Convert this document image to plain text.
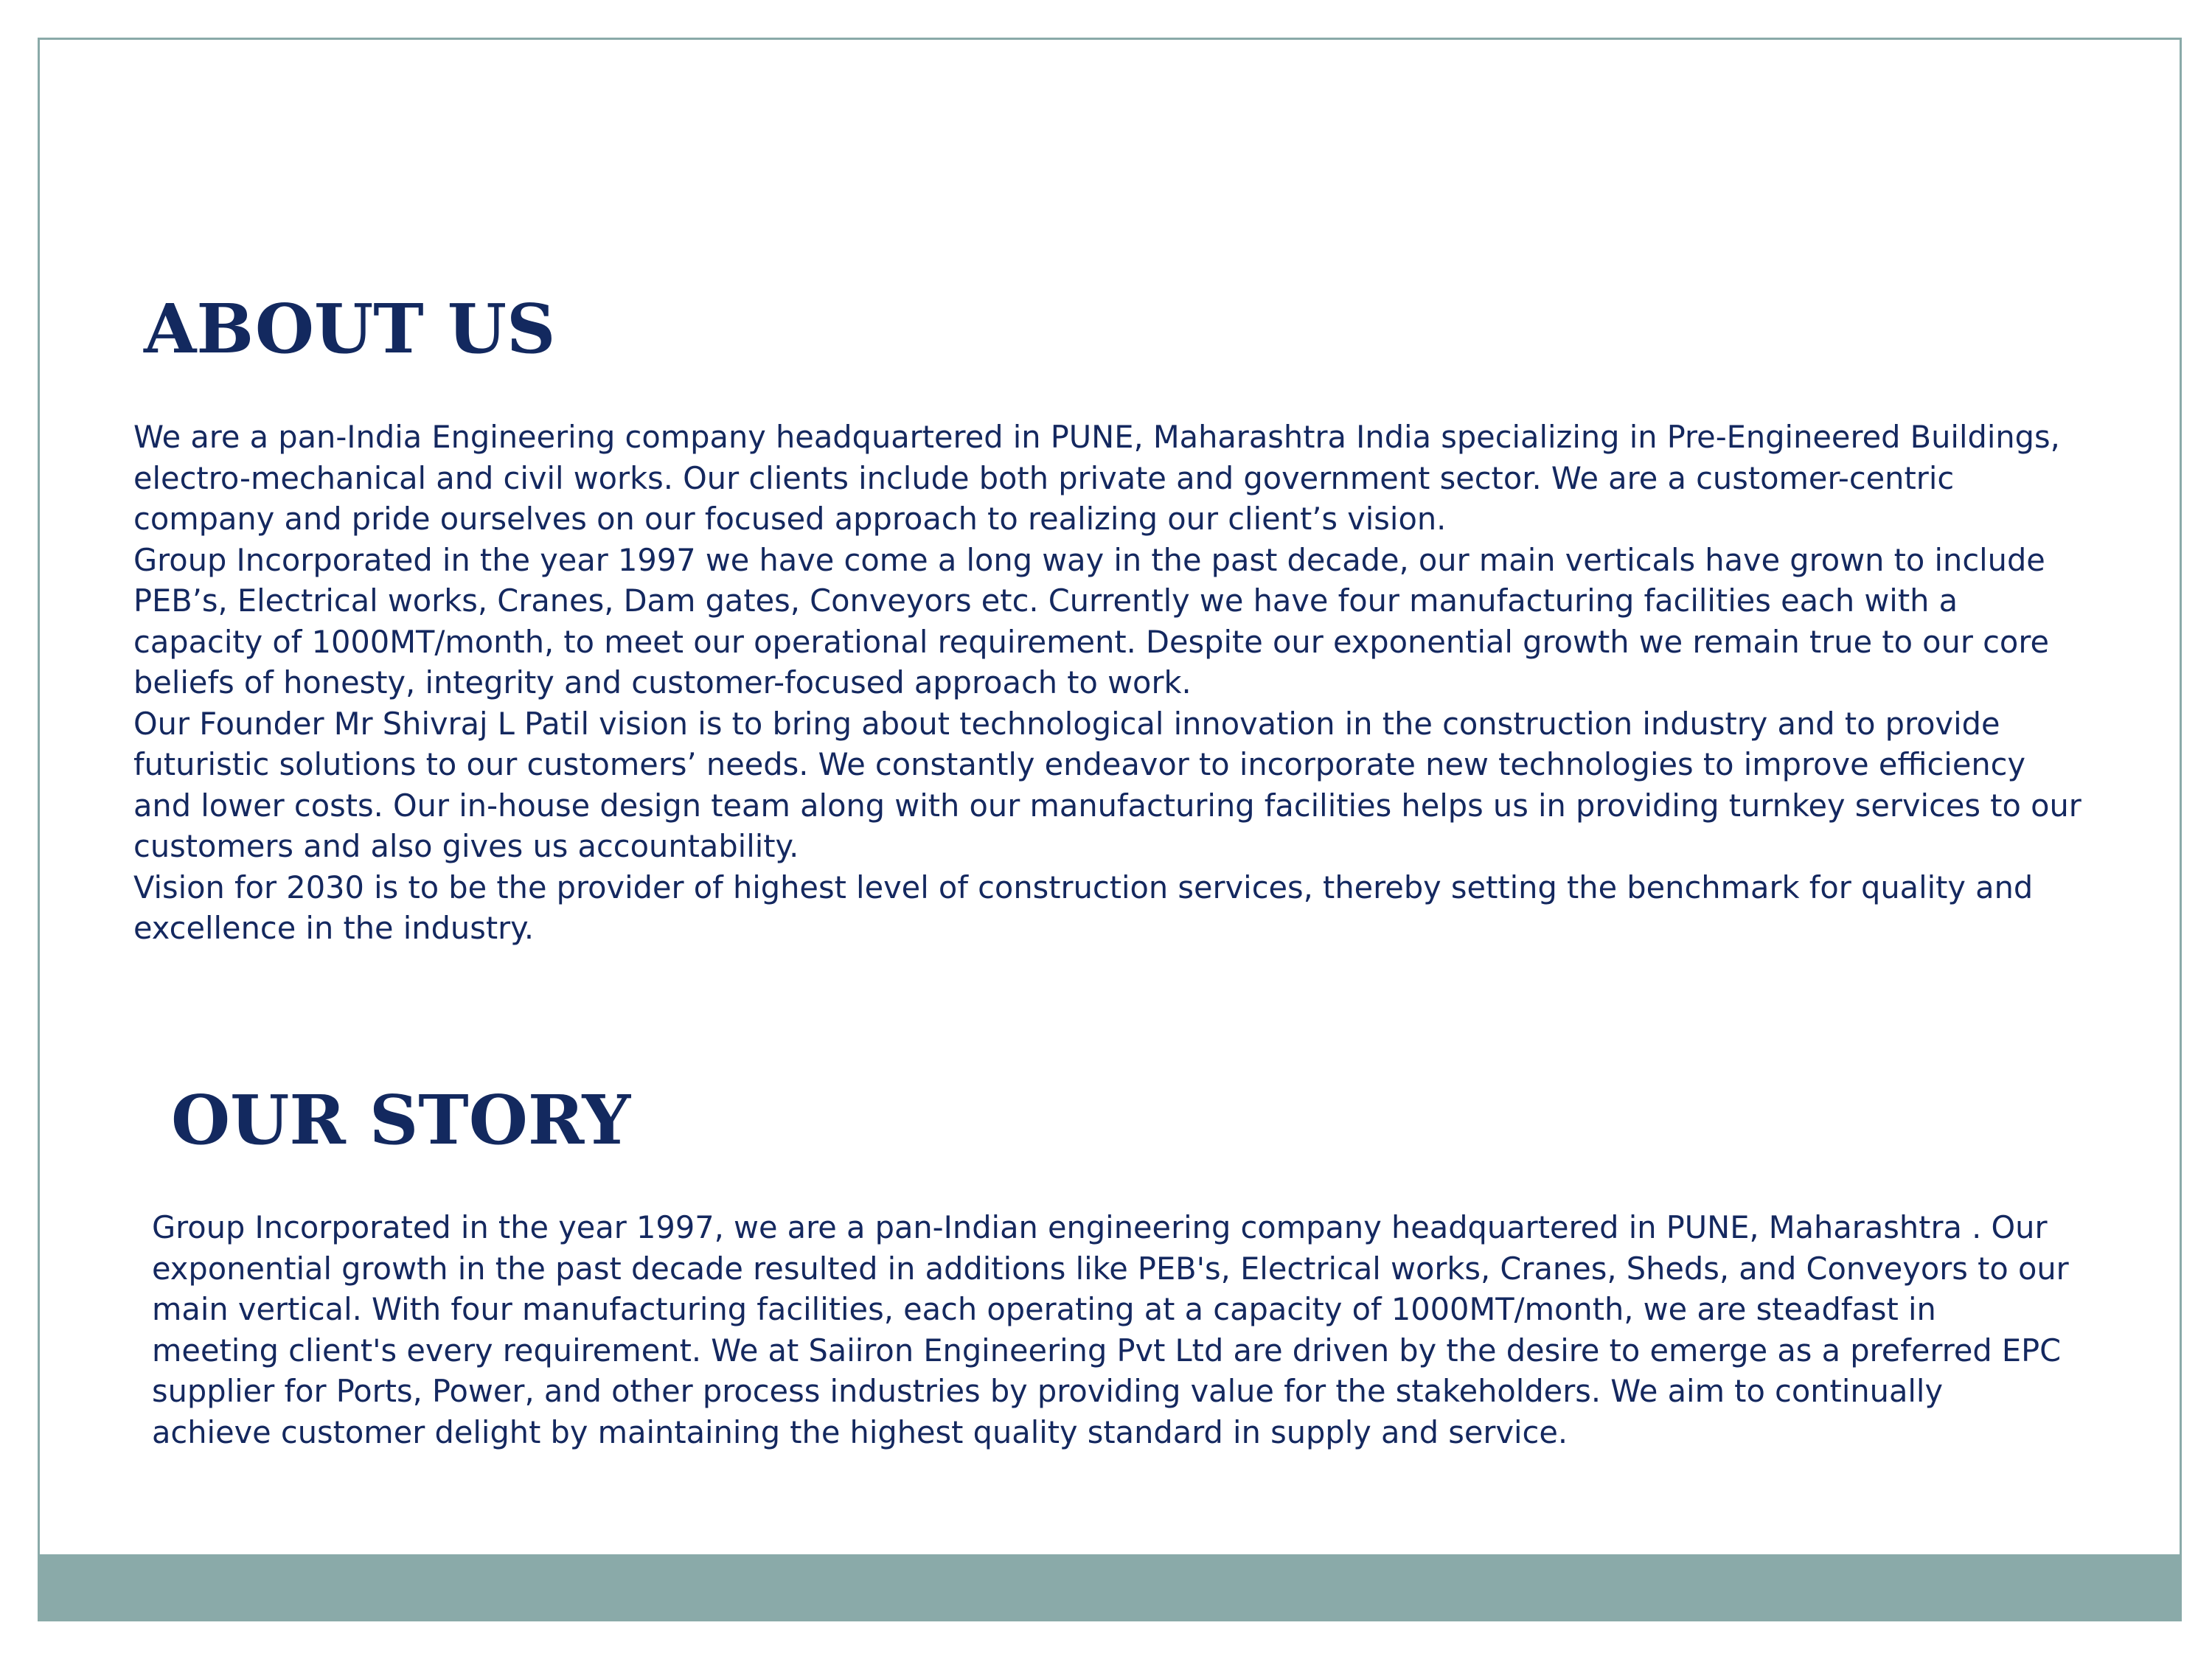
ABOUT US

We are a pan-India Engineering company headquartered in PUNE, Maharashtra India specializing in Pre-Engineered Buildings, electro-mechanical and civil works. Our clients include both private and government sector. We are a customer-centric company and pride ourselves on our focused approach to realizing our client’s vision.

Group Incorporated in the year 1997 we have come a long way in the past decade, our main verticals have grown to include PEB’s, Electrical works, Cranes, Dam gates, Conveyors etc. Currently we have four manufacturing facilities each with a capacity of 1000MT/month, to meet our operational requirement. Despite our exponential growth we remain true to our core beliefs of honesty, integrity and customer-focused approach to work.

Our Founder Mr Shivraj L Patil vision is to bring about technological innovation in the construction industry and to provide futuristic solutions to our customers’ needs. We constantly endeavor to incorporate new technologies to improve efficiency and lower costs. Our in-house design team along with our manufacturing facilities helps us in providing turnkey services to our customers and also gives us accountability.

Vision for 2030 is to be the provider of highest level of construction services, thereby setting the benchmark for quality and excellence in the industry.

OUR STORY

Group Incorporated in the year 1997, we are a pan-Indian engineering company headquartered in PUNE, Maharashtra . Our exponential growth in the past decade resulted in additions like PEB's, Electrical works, Cranes, Sheds, and Conveyors to our main vertical. With four manufacturing facilities, each operating at a capacity of 1000MT/month, we are steadfast in meeting client's every requirement. We at Saiiron Engineering Pvt Ltd are driven by the desire to emerge as a preferred EPC supplier for Ports, Power, and other process industries by providing value for the stakeholders. We aim to continually achieve customer delight by maintaining the highest quality standard in supply and service.
